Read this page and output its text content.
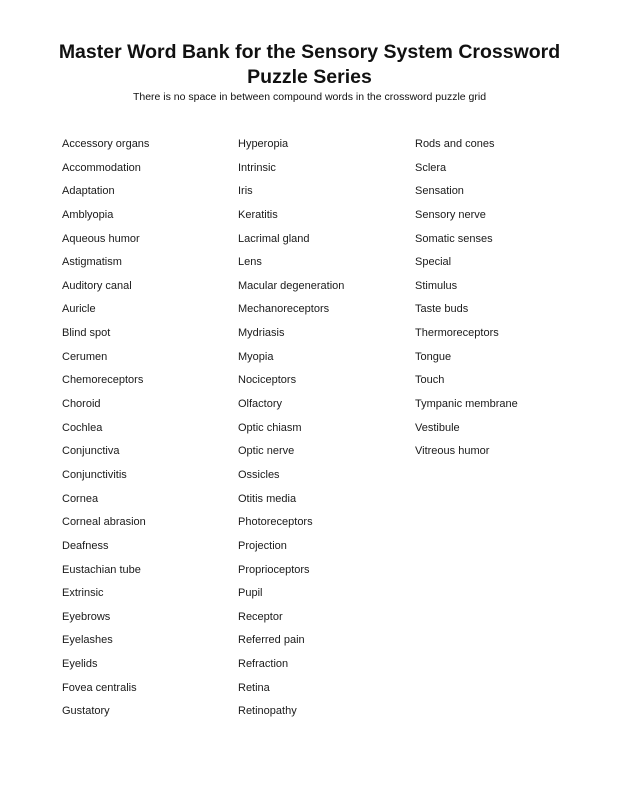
Master Word Bank for the Sensory System Crossword
Puzzle Series
There is no space in between compound words in the crossword puzzle grid
Accessory organs
Accommodation
Adaptation
Amblyopia
Aqueous humor
Astigmatism
Auditory canal
Auricle
Blind spot
Cerumen
Chemoreceptors
Choroid
Cochlea
Conjunctiva
Conjunctivitis
Cornea
Corneal abrasion
Deafness
Eustachian tube
Extrinsic
Eyebrows
Eyelashes
Eyelids
Fovea centralis
Gustatory
Hyperopia
Intrinsic
Iris
Keratitis
Lacrimal gland
Lens
Macular degeneration
Mechanoreceptors
Mydriasis
Myopia
Nociceptors
Olfactory
Optic chiasm
Optic nerve
Ossicles
Otitis media
Photoreceptors
Projection
Proprioceptors
Pupil
Receptor
Referred pain
Refraction
Retina
Retinopathy
Rods and cones
Sclera
Sensation
Sensory nerve
Somatic senses
Special
Stimulus
Taste buds
Thermoreceptors
Tongue
Touch
Tympanic membrane
Vestibule
Vitreous humor
